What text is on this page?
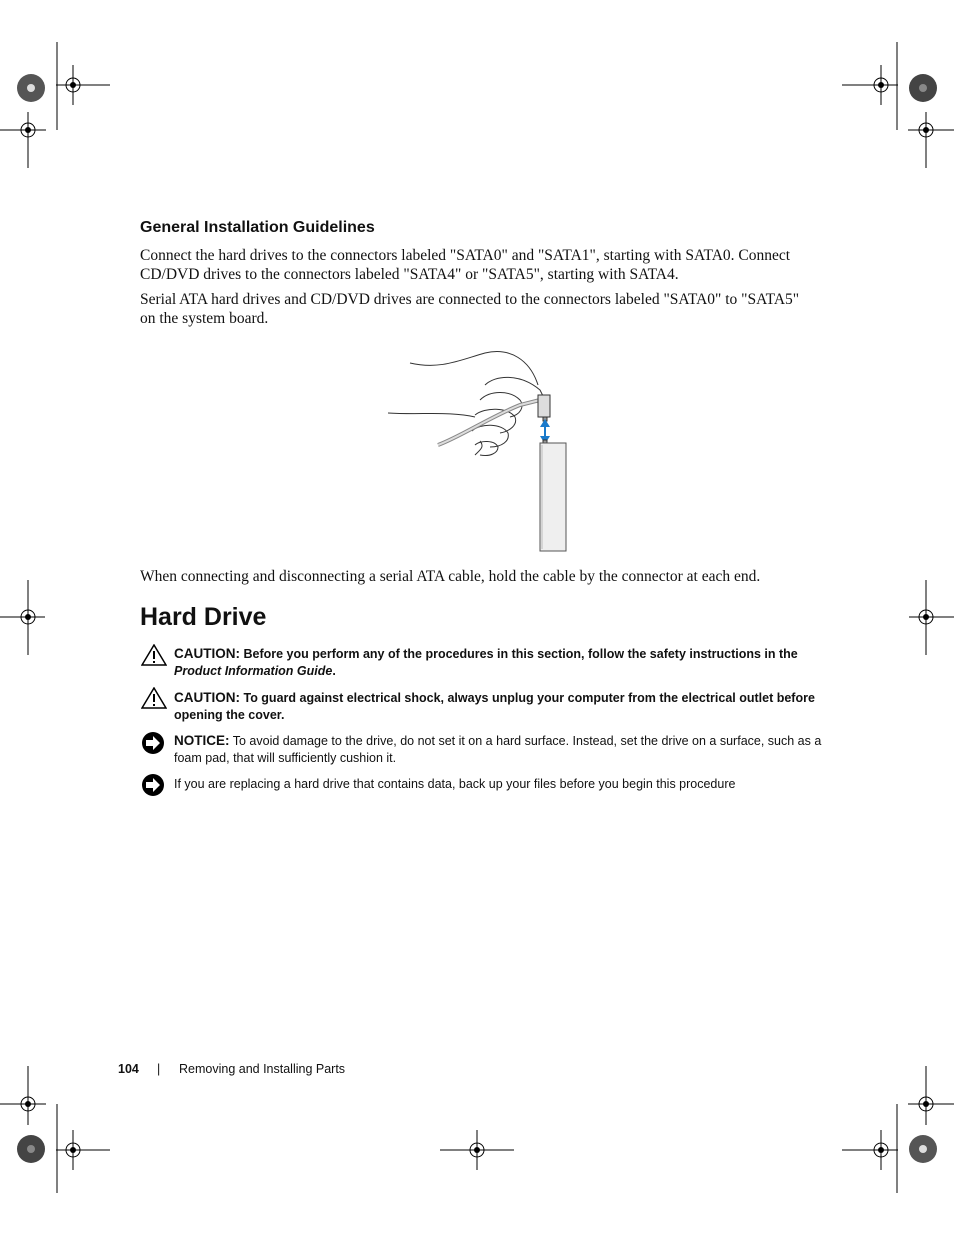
General Installation Guidelines
Connect the hard drives to the connectors labeled "SATA0" and "SATA1", starting with SATA0. Connect
CD/DVD drives to the connectors labeled "SATA4" or "SATA5", starting with SATA4.
Serial ATA hard drives and CD/DVD drives are connected to the connectors labeled "SATA0" to "SATA5"
on the system board.
When connecting and disconnecting a serial ATA cable, hold the cable by the connector at each end.
Hard Drive
CAUTION: Before you perform any of the procedures in this section, follow the safety instructions in the Product Information Guide.
CAUTION: To guard against electrical shock, always unplug your computer from the electrical outlet before opening the cover.
NOTICE: To avoid damage to the drive, do not set it on a hard surface. Instead, set the drive on a surface, such as a foam pad, that will sufficiently cushion it.
If you are replacing a hard drive that contains data, back up your files before you begin this procedure
104 | Removing and Installing Parts
